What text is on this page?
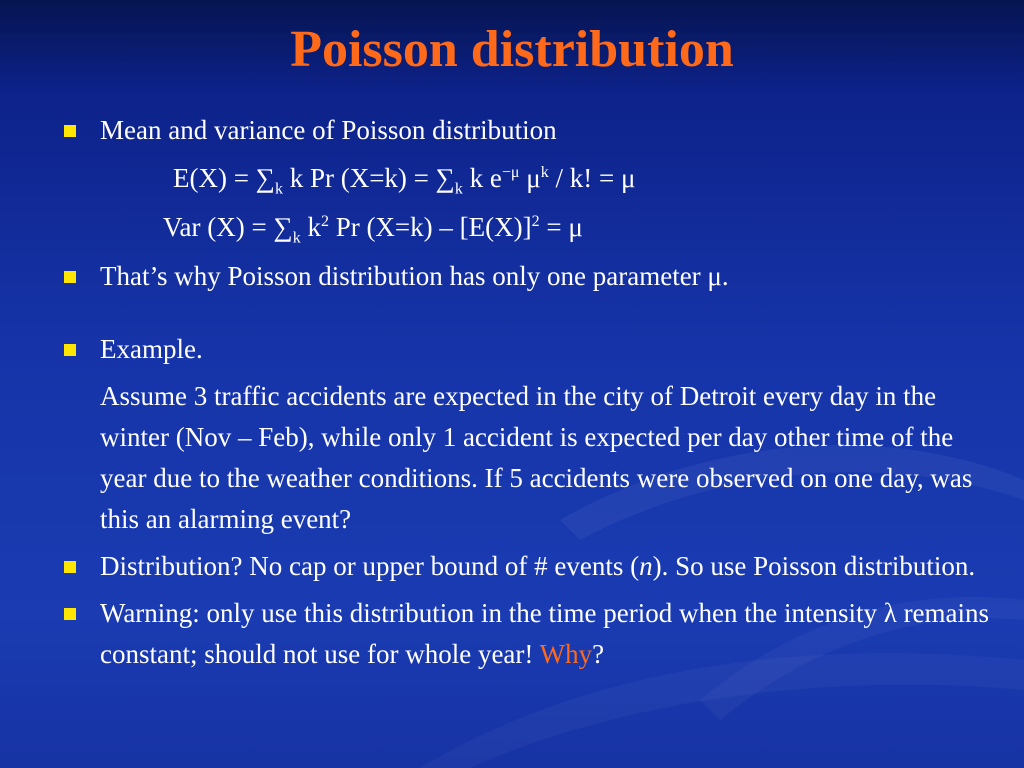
Poisson distribution
Mean and variance of Poisson distribution
$E(X) = \sum_k$ k Pr $(X=k) = \sum_k$ k $e^{-\mu}$ $\mu^k$ / k! = μ
Var $(X) = \sum_k$ $k^2$ Pr $(X=k) - [E(X)]^2 = \mu$
That’s why Poisson distribution has only one parameter μ.
Example.
Assume 3 traffic accidents are expected in the city of Detroit every day in the winter (Nov – Feb), while only 1 accident is expected per day other time of the year due to the weather conditions. If 5 accidents were observed on one day, was this an alarming event?
Distribution? No cap or upper bound of # events (n). So use Poisson distribution.
Warning: only use this distribution in the time period when the intensity λ remains constant; should not use for whole year! Why?
